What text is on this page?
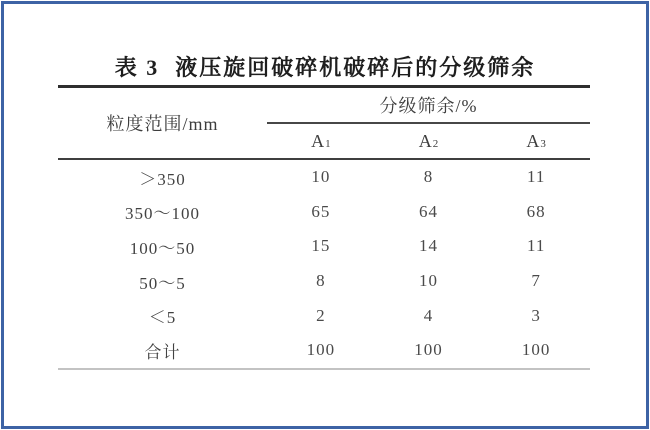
表 3 液压旋回破碎机破碎后的分级筛余
粒度范围/mm
分级筛余/%
$A_1$	$A_2$	$A_3$
＞350	10	8	11
350～100	65	64	68
100～50	15	14	11
50～5	8	10	7
＜5	2	4	3
合计	100	100	100
